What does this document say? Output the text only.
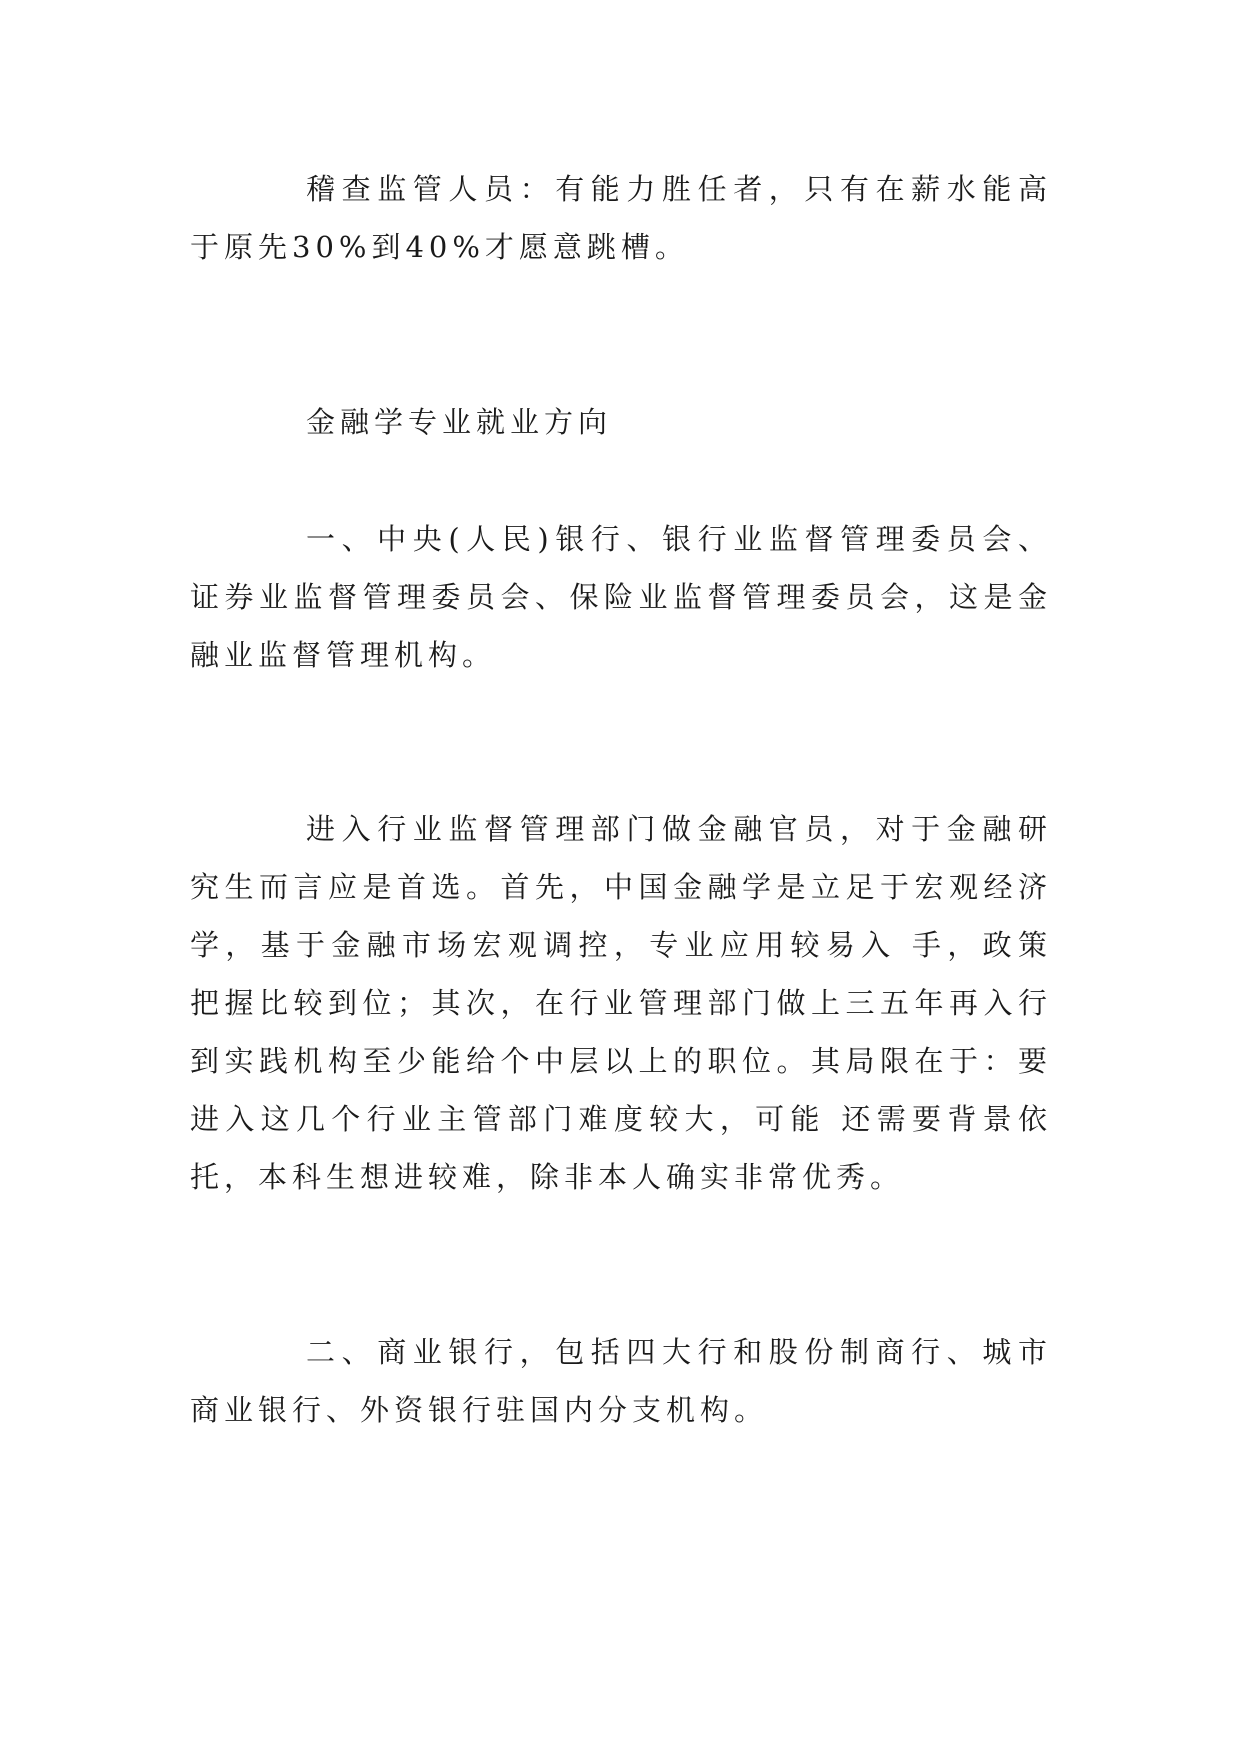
稽查监管人员：有能力胜任者，只有在薪水能高于原先30%到40%才愿意跳槽。

金融学专业就业方向

一、中央(人民)银行、银行业监督管理委员会、证券业监督管理委员会、保险业监督管理委员会，这是金融业监督管理机构。

进入行业监督管理部门做金融官员，对于金融研究生而言应是首选。首先，中国金融学是立足于宏观经济学，基于金融市场宏观调控，专业应用较易入 手，政策把握比较到位；其次，在行业管理部门做上三五年再入行到实践机构至少能给个中层以上的职位。其局限在于：要进入这几个行业主管部门难度较大，可能 还需要背景依托，本科生想进较难，除非本人确实非常优秀。

二、商业银行，包括四大行和股份制商行、城市商业银行、外资银行驻国内分支机构。
